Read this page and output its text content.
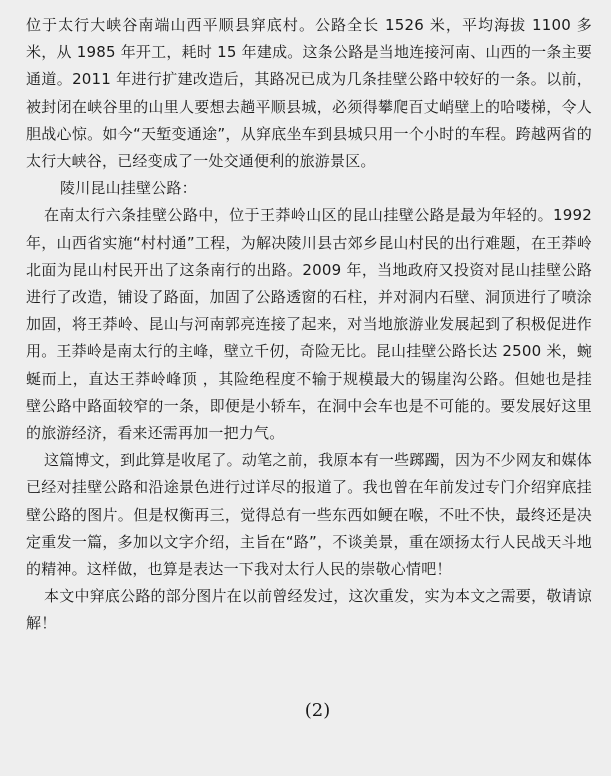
位于太行大峡谷南端山西平顺县穽底村。公路全长 1526 米，平均海拔 1100 多米，从 1985 年开工，耗时 15 年建成。这条公路是当地连接河南、山西的一条主要通道。2011 年进行扩建改造后，其路况已成为几条挂壁公路中较好的一条。以前，被封闭在峡谷里的山里人要想去趟平顺县城，必须得攀爬百丈峭壁上的哈喽梯，令人胆战心惊。如今“天堑变通途”，从穽底坐车到县城只用一个小时的车程。跨越两省的太行大峡谷，已经变成了一处交通便利的旅游景区。

陵川昆山挂壁公路：

在南太行六条挂壁公路中，位于王莽岭山区的昆山挂壁公路是最为年轻的。1992 年，山西省实施“村村通”工程，为解决陵川县古郊乡昆山村民的出行难题，在王莽岭北面为昆山村民开出了这条南行的出路。2009 年，当地政府又投资对昆山挂壁公路进行了改造，铺设了路面，加固了公路透窗的石柱，并对洞内石壁、洞顶进行了喷涂加固，将王莽岭、昆山与河南郭亮连接了起来，对当地旅游业发展起到了积极促进作用。王莽岭是南太行的主峰，壁立千仞，奇险无比。昆山挂壁公路长达 2500 米，蜿蜒而上，直达王莽岭峰顶 ，其险绝程度不输于规模最大的锡崖沟公路。但她也是挂壁公路中路面较窄的一条，即便是小轿车，在洞中会车也是不可能的。要发展好这里的旅游经济，看来还需再加一把力气。

这篇博文，到此算是收尾了。动笔之前，我原本有一些踯躅，因为不少网友和媒体已经对挂壁公路和沿途景色进行过详尽的报道了。我也曾在年前发过专门介绍穽底挂壁公路的图片。但是权衡再三，觉得总有一些东西如鲠在喉，不吐不快，最终还是决定重发一篇，多加以文字介绍，主旨在“路”，不谈美景，重在颂扬太行人民战天斗地的精神。这样做，也算是表达一下我对太行人民的崇敬心情吧！

本文中穽底公路的部分图片在以前曾经发过，这次重发，实为本文之需要，敬请谅解！

(2)
